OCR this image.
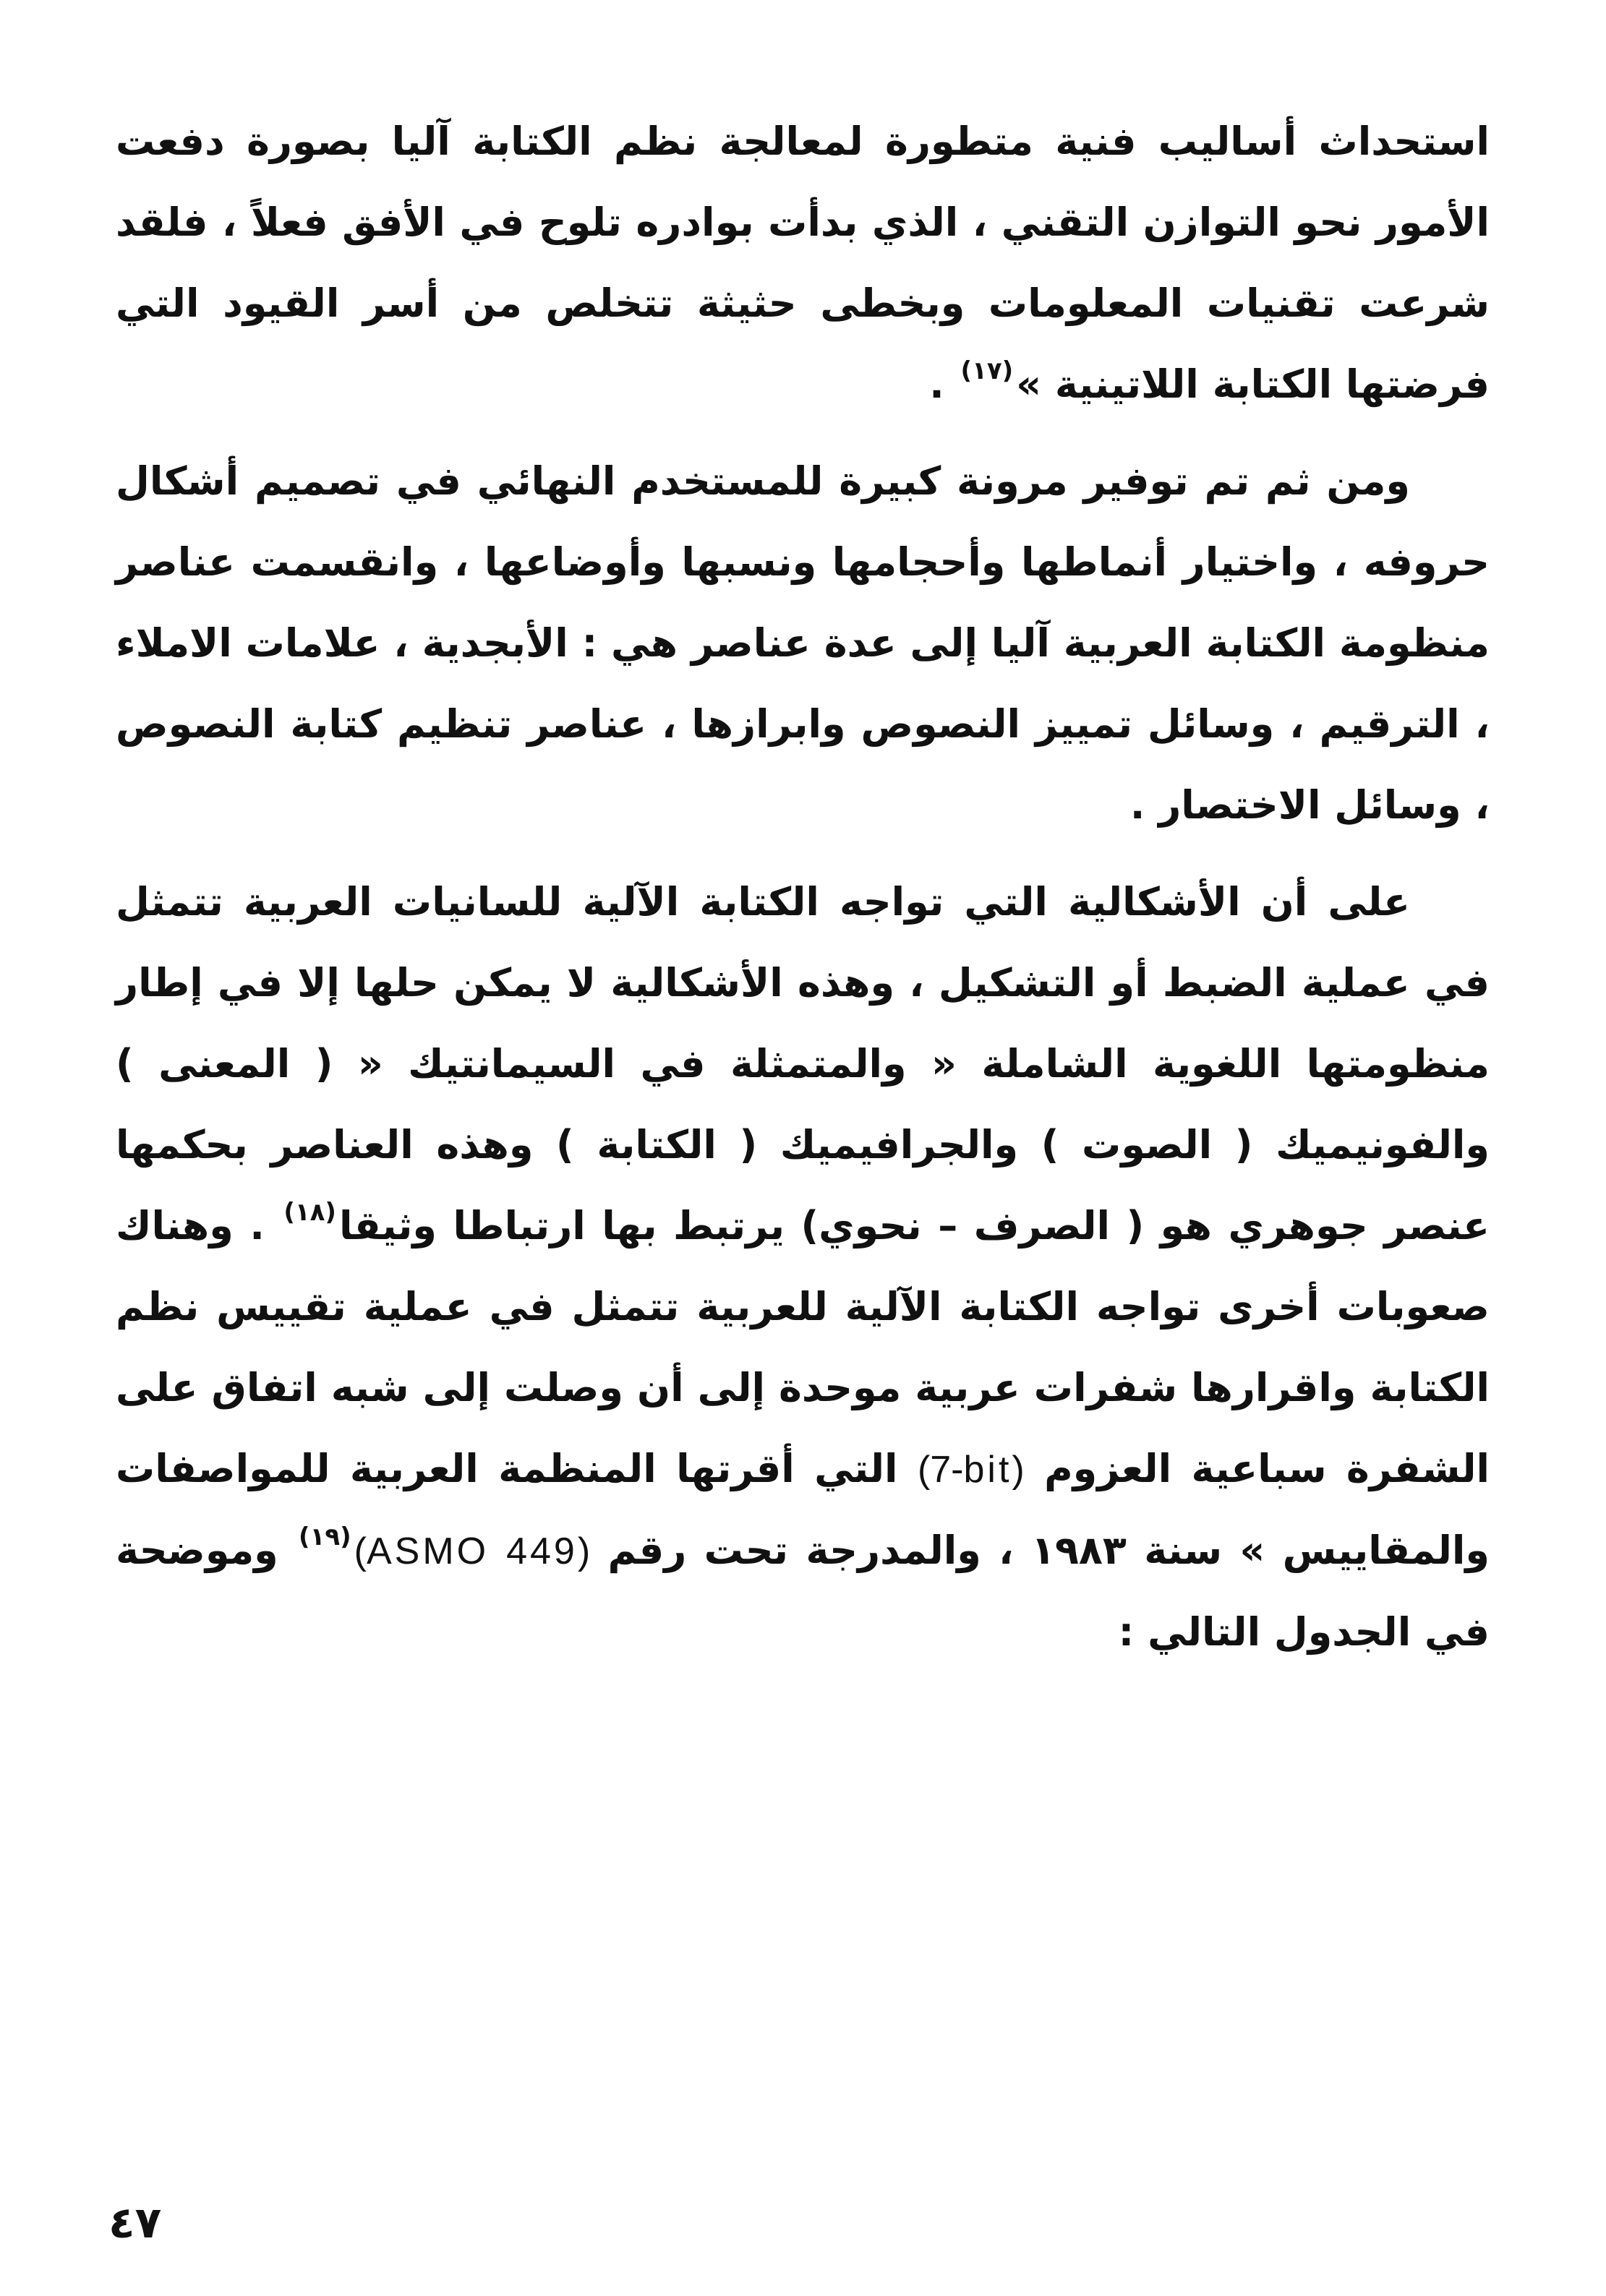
استحداث أساليب فنية متطورة لمعالجة نظم الكتابة آليا بصورة دفعت الأمور نحو التوازن التقني ، الذي بدأت بوادره تلوح في الأفق فعلاً ، فلقد شرعت تقنيات المعلومات وبخطى حثيثة تتخلص من أسر القيود التي فرضتها الكتابة اللاتينية »$^{(١٧)}$ .

ومن ثم تم توفير مرونة كبيرة للمستخدم النهائي في تصميم أشكال حروفه ، واختيار أنماطها وأحجامها ونسبها وأوضاعها ، وانقسمت عناصر منظومة الكتابة العربية آليا إلى عدة عناصر هي : الأبجدية ، علامات الاملاء ، الترقيم ، وسائل تمييز النصوص وابرازها ، عناصر تنظيم كتابة النصوص ، وسائل الاختصار .

على أن الأشكالية التي تواجه الكتابة الآلية للسانيات العربية تتمثل في عملية الضبط أو التشكيل ، وهذه الأشكالية لا يمكن حلها إلا في إطار منظومتها اللغوية الشاملة « والمتمثلة في السيمانتيك « ( المعنى ) والفونيميك ( الصوت ) والجرافيميك ( الكتابة ) وهذه العناصر بحكمها عنصر جوهري هو ( الصرف – نحوي) يرتبط بها ارتباطا وثيقا$^{(١٨)}$ . وهناك صعوبات أخرى تواجه الكتابة الآلية للعربية تتمثل في عملية تقييس نظم الكتابة واقرارها شفرات عربية موحدة إلى أن وصلت إلى شبه اتفاق على الشفرة سباعية العزوم (7-bit) التي أقرتها المنظمة العربية للمواصفات والمقاييس » سنة ١٩٨٣ ، والمدرجة تحت رقم (ASMO 449)$^{(١٩)}$ وموضحة في الجدول التالي :

٤٧
